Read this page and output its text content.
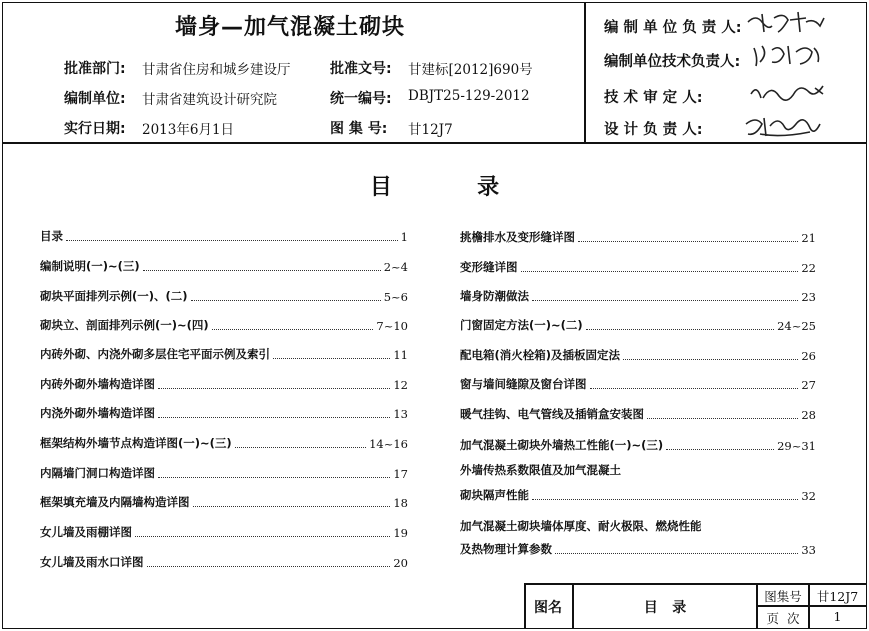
墙身—加气混凝土砌块
批准部门: 甘肃省住房和城乡建设厅	批准文号: 甘建标[2012]690号
编制单位: 甘肃省建筑设计研究院	统一编号: DBJT25-129-2012
实行日期: 2013年6月1日	图 集 号: 甘12J7
编 制 单 位 负 责 人:
编制单位技术负责人:
技 术 审 定 人:
设 计 负 责 人:
目	录
目录	1
编制说明(一)~(三)	2~4
砌块平面排列示例(一)、(二)	5~6
砌块立、剖面排列示例(一)~(四)	7~10
内砖外砌、内浇外砌多层住宅平面示例及索引	11
内砖外砌外墙构造详图	12
内浇外砌外墙构造详图	13
框架结构外墙节点构造详图(一)~(三)	14~16
内隔墙门洞口构造详图	17
框架填充墙及内隔墙构造详图	18
女儿墙及雨棚详图	19
女儿墙及雨水口详图	20
挑檐排水及变形缝详图	21
变形缝详图	22
墙身防潮做法	23
门窗固定方法(一)~(二)	24~25
配电箱(消火栓箱)及插板固定法	26
窗与墙间缝隙及窗台详图	27
暖气挂钩、电气管线及插销盒安装图	28
加气混凝土砌块外墙热工性能(一)~(三)	29~31
外墙传热系数限值及加气混凝土
砌块隔声性能	32
加气混凝土砌块墙体厚度、耐火极限、燃烧性能
及热物理计算参数	33
图名	目   录
图集号	甘12J7
页  次	1
